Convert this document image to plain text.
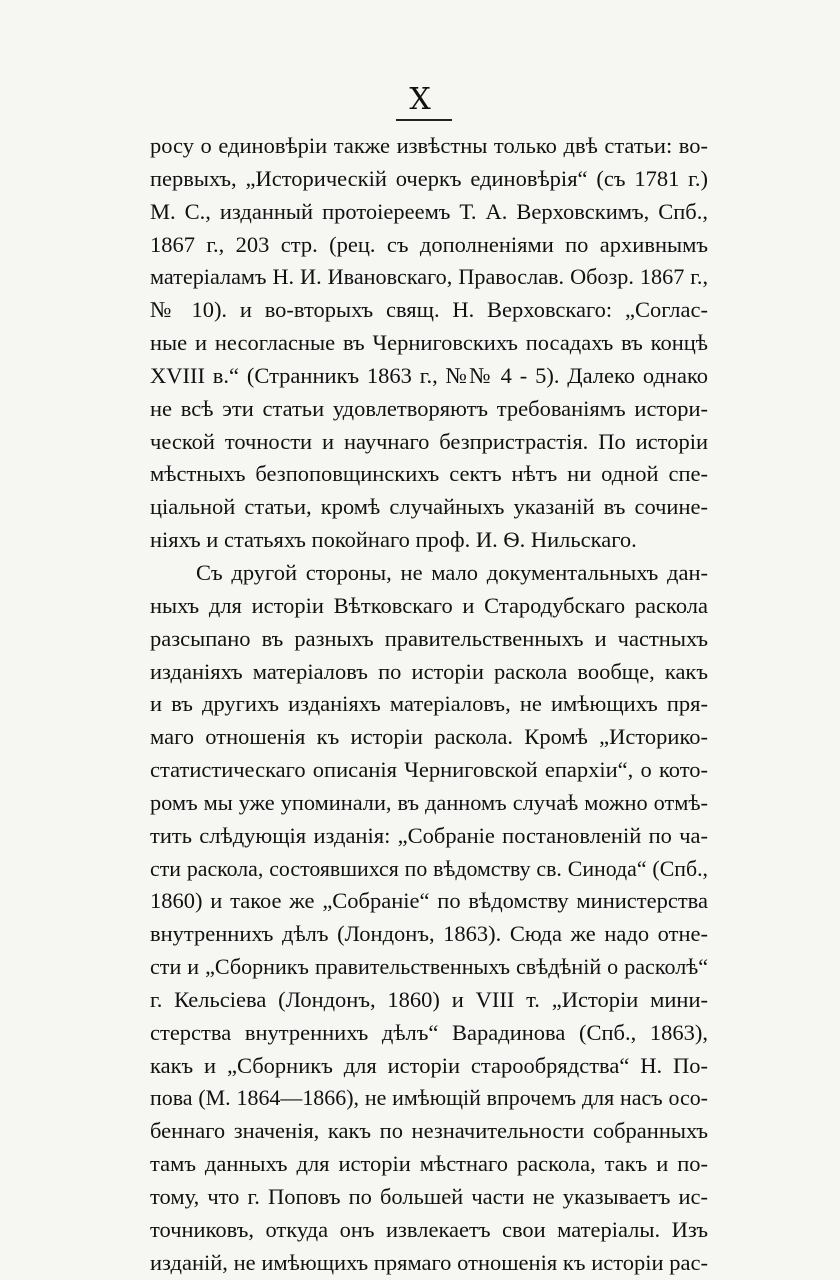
X
росу о единовѣріи также извѣстны только двѣ статьи: во-
первыхъ, „Историческій очеркъ единовѣрія“ (съ 1781 г.)
М. С., изданный протоіереемъ Т. А. Верховскимъ, Спб.,
1867 г., 203 стр. (рец. съ дополненіями по архивнымъ
матеріаламъ Н. И. Ивановскаго, Православ. Обозр. 1867 г.,
№ 10). и во-вторыхъ свящ. Н. Верховскаго: „Соглас-
ные и несогласные въ Черниговскихъ посадахъ въ концѣ
XVIII в.“ (Странникъ 1863 г., №№ 4 - 5). Далеко однако
не всѣ эти статьи удовлетворяютъ требованіямъ истори-
ческой точности и научнаго безпристрастія. По исторіи
мѣстныхъ безпоповщинскихъ сектъ нѣтъ ни одной спе-
ціальной статьи, кромѣ случайныхъ указаній въ сочине-
ніяхъ и статьяхъ покойнаго проф. И. Ѳ. Нильскаго.
Съ другой стороны, не мало документальныхъ дан-
ныхъ для исторіи Вѣтковскаго и Стародубскаго раскола
разсыпано въ разныхъ правительственныхъ и частныхъ
изданіяхъ матеріаловъ по исторіи раскола вообще, какъ
и въ другихъ изданіяхъ матеріаловъ, не имѣющихъ пря-
маго отношенія къ исторіи раскола. Кромѣ „Историко-
статистическаго описанія Черниговской епархіи“, о кото-
ромъ мы уже упоминали, въ данномъ случаѣ можно отмѣ-
тить слѣдующія изданія: „Собраніе постановленій по ча-
сти раскола, состоявшихся по вѣдомству св. Синода“ (Спб.,
1860) и такое же „Собраніе“ по вѣдомству министерства
внутреннихъ дѣлъ (Лондонъ, 1863). Сюда же надо отне-
сти и „Сборникъ правительственныхъ свѣдѣній о расколѣ“
г. Кельсіева (Лондонъ, 1860) и VIII т. „Исторіи мини-
стерства внутреннихъ дѣлъ“ Варадинова (Спб., 1863),
какъ и „Сборникъ для исторіи старообрядства“ Н. По-
пова (М. 1864—1866), не имѣющій впрочемъ для насъ осо-
беннаго значенія, какъ по незначительности собранныхъ
тамъ данныхъ для исторіи мѣстнаго раскола, такъ и по-
тому, что г. Поповъ по большей части не указываетъ ис-
точниковъ, откуда онъ извлекаетъ свои матеріалы. Изъ
изданій, не имѣющихъ прямаго отношенія къ исторіи рас-
